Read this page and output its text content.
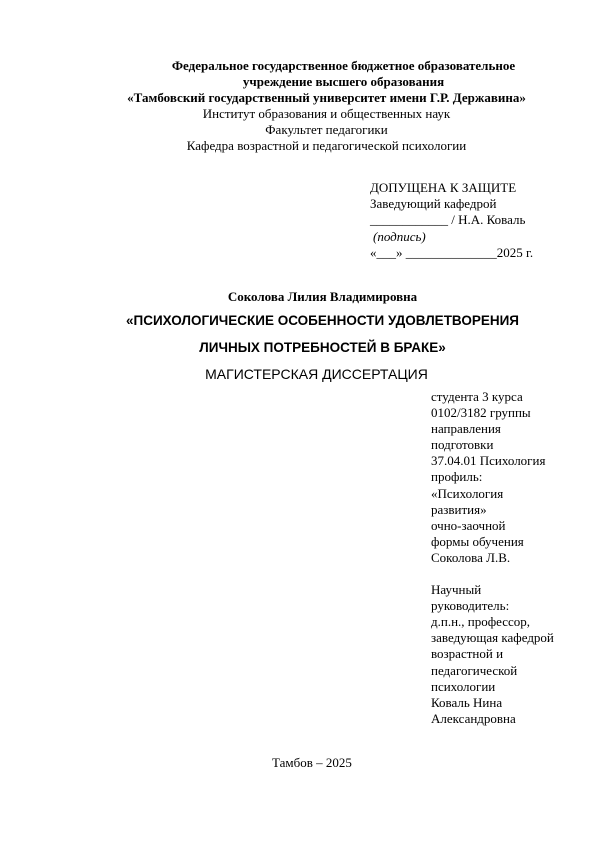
Федеральное государственное бюджетное образовательное
учреждение высшего образования
«Тамбовский государственный университет имени Г.Р. Державина»
Институт образования и общественных наук
Факультет педагогики
Кафедра возрастной и педагогической психологии
ДОПУЩЕНА К ЗАЩИТЕ
Заведующий кафедрой
____________ / Н.А. Коваль
(подпись)
«___» ______________2025 г.
Соколова Лилия Владимировна
«ПСИХОЛОГИЧЕСКИЕ ОСОБЕННОСТИ УДОВЛЕТВОРЕНИЯ
ЛИЧНЫХ ПОТРЕБНОСТЕЙ В БРАКЕ»
МАГИСТЕРСКАЯ ДИССЕРТАЦИЯ
студента 3 курса
0102/3182 группы
направления
подготовки
37.04.01 Психология
профиль:
«Психология
развития»
очно-заочной
формы обучения
Соколова Л.В.
Научный
руководитель:
д.п.н., профессор,
заведующая кафедрой
возрастной и
педагогической
психологии
Коваль Нина
Александровна
Тамбов – 2025
